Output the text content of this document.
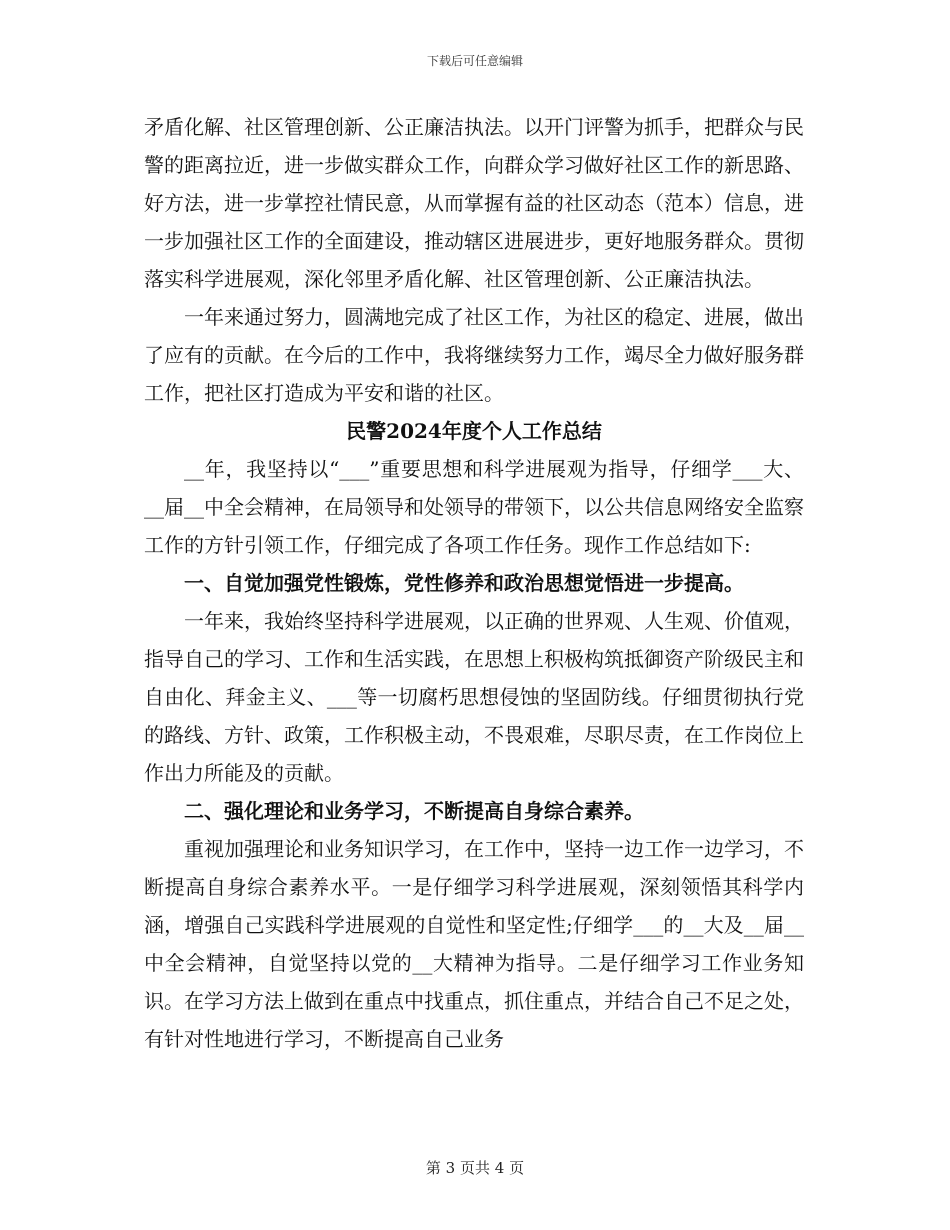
下载后可任意编辑

矛盾化解、社区管理创新、公正廉洁执法。以开门评警为抓手，把群众与民警的距离拉近，进一步做实群众工作，向群众学习做好社区工作的新思路、好方法，进一步掌控社情民意，从而掌握有益的社区动态（范本）信息，进一步加强社区工作的全面建设，推动辖区进展进步，更好地服务群众。贯彻落实科学进展观，深化邻里矛盾化解、社区管理创新、公正廉洁执法。

一年来通过努力，圆满地完成了社区工作，为社区的稳定、进展，做出了应有的贡献。在今后的工作中，我将继续努力工作，竭尽全力做好服务群工作，把社区打造成为平安和谐的社区。

民警2024年度个人工作总结

__年，我坚持以“___”重要思想和科学进展观为指导，仔细学___大、__届__中全会精神，在局领导和处领导的带领下，以公共信息网络安全监察工作的方针引领工作，仔细完成了各项工作任务。现作工作总结如下:

一、自觉加强党性锻炼，党性修养和政治思想觉悟进一步提高。

一年来，我始终坚持科学进展观，以正确的世界观、人生观、价值观，指导自己的学习、工作和生活实践，在思想上积极构筑抵御资产阶级民主和自由化、拜金主义、___等一切腐朽思想侵蚀的坚固防线。仔细贯彻执行党的路线、方针、政策，工作积极主动，不畏艰难，尽职尽责，在工作岗位上作出力所能及的贡献。

二、强化理论和业务学习，不断提高自身综合素养。

重视加强理论和业务知识学习，在工作中，坚持一边工作一边学习，不断提高自身综合素养水平。一是仔细学习科学进展观，深刻领悟其科学内涵，增强自己实践科学进展观的自觉性和坚定性;仔细学___的__大及__届__中全会精神，自觉坚持以党的__大精神为指导。二是仔细学习工作业务知识。在学习方法上做到在重点中找重点，抓住重点，并结合自己不足之处，有针对性地进行学习，不断提高自己业务

第 3 页共 4 页
